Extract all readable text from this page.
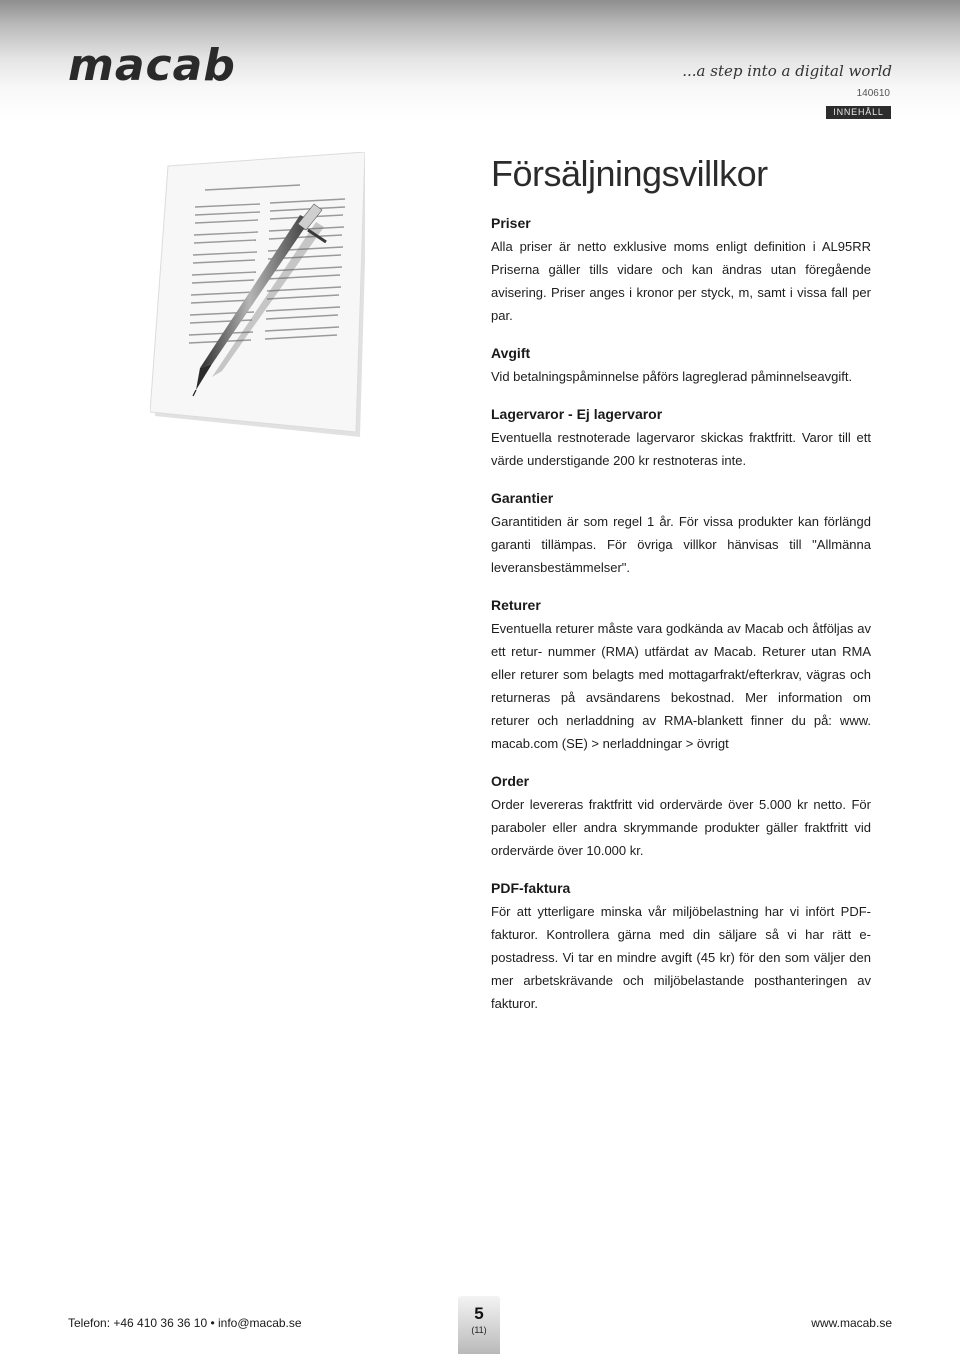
macab	...a step into a digital world
140610
INNEHÅLL
Försäljningsvillkor
Priser

Alla priser är netto exklusive moms enligt definition i AL95RR Priserna gäller tills vidare och kan ändras utan föregående avisering. Priser anges i kronor per styck, m, samt i vissa fall per par.

Avgift

Vid betalningspåminnelse påförs lagreglerad påminnelseavgift.

Lagervaror - Ej lagervaror

Eventuella restnoterade lagervaror skickas fraktfritt. Varor till ett värde understigande 200 kr restnoteras inte.

Garantier

Garantitiden är som regel 1 år. För vissa produkter kan förlängd garanti tillämpas. För övriga villkor hänvisas till "Allmänna leveransbestämmelser".

Returer

Eventuella returer måste vara godkända av Macab och åtföljas av ett retur- nummer (RMA) utfärdat av Macab. Returer utan RMA eller returer som belagts med mottagarfrakt/efterkrav, vägras och returneras på avsändarens bekostnad. Mer information om returer och nerladdning av RMA-blankett finner du på: www. macab.com (SE) > nerladdningar > övrigt

Order

Order levereras fraktfritt vid ordervärde över 5.000 kr netto. För paraboler eller andra skrymmande produkter gäller fraktfritt vid ordervärde över 10.000 kr.

PDF-faktura

För att ytterligare minska vår miljöbelastning har vi infört PDF-fakturor. Kontrollera gärna med din säljare så vi har rätt e-postadress. Vi tar en mindre avgift (45 kr) för den som väljer den mer arbetskrävande och miljöbelastande posthanteringen av fakturor.

Telefon: +46 410 36 36 10 • info@macab.se	5
(11)	www.macab.se
